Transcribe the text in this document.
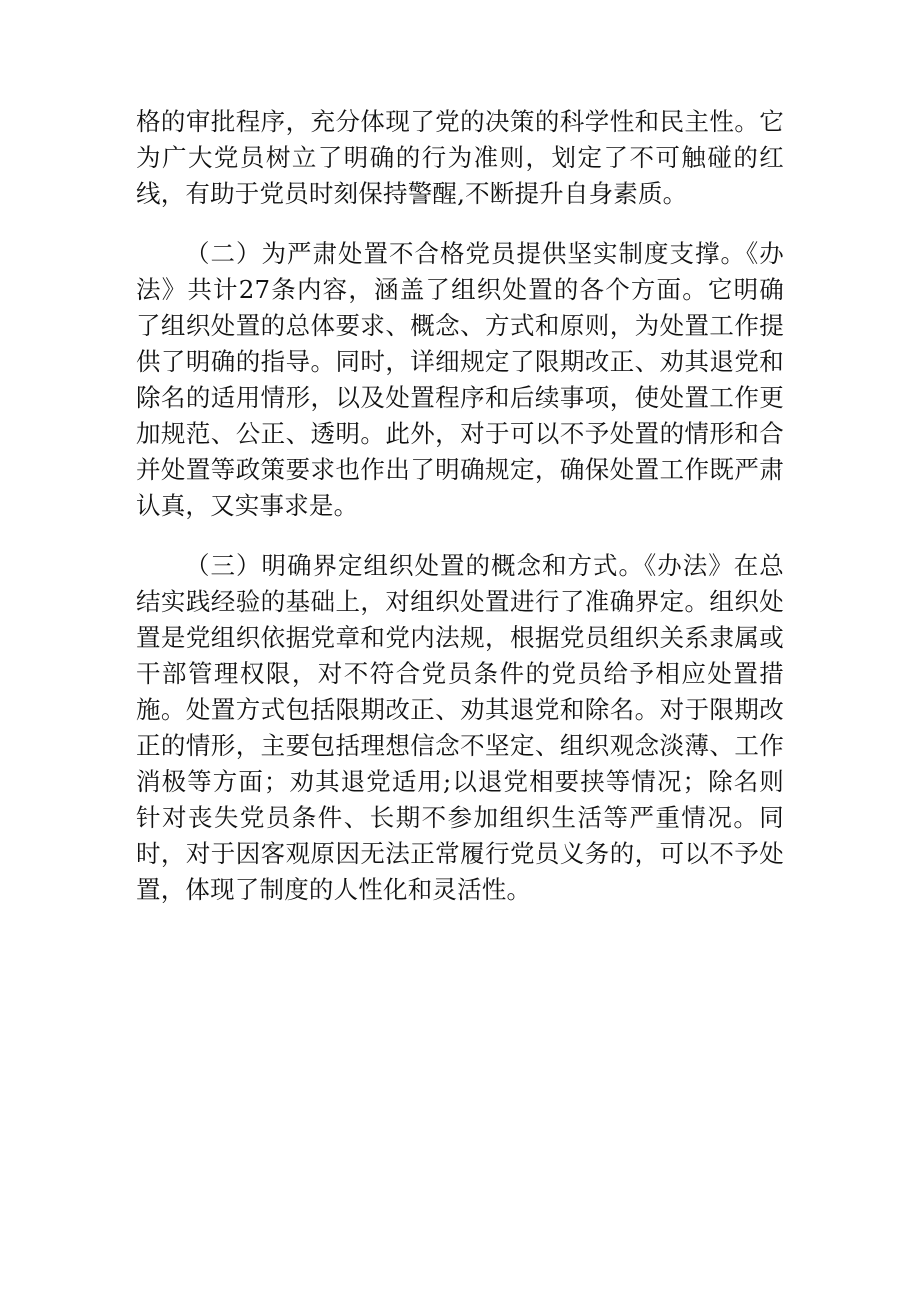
格的审批程序，充分体现了党的决策的科学性和民主性。它为广大党员树立了明确的行为准则，划定了不可触碰的红线，有助于党员时刻保持警醒,不断提升自身素质。

（二）为严肃处置不合格党员提供坚实制度支撑。《办法》共计27条内容，涵盖了组织处置的各个方面。它明确了组织处置的总体要求、概念、方式和原则，为处置工作提供了明确的指导。同时，详细规定了限期改正、劝其退党和除名的适用情形，以及处置程序和后续事项，使处置工作更加规范、公正、透明。此外，对于可以不予处置的情形和合并处置等政策要求也作出了明确规定，确保处置工作既严肃认真，又实事求是。

（三）明确界定组织处置的概念和方式。《办法》在总结实践经验的基础上，对组织处置进行了准确界定。组织处置是党组织依据党章和党内法规，根据党员组织关系隶属或干部管理权限，对不符合党员条件的党员给予相应处置措施。处置方式包括限期改正、劝其退党和除名。对于限期改正的情形，主要包括理想信念不坚定、组织观念淡薄、工作消极等方面；劝其退党适用;以退党相要挟等情况；除名则针对丧失党员条件、长期不参加组织生活等严重情况。同时，对于因客观原因无法正常履行党员义务的，可以不予处置，体现了制度的人性化和灵活性。
